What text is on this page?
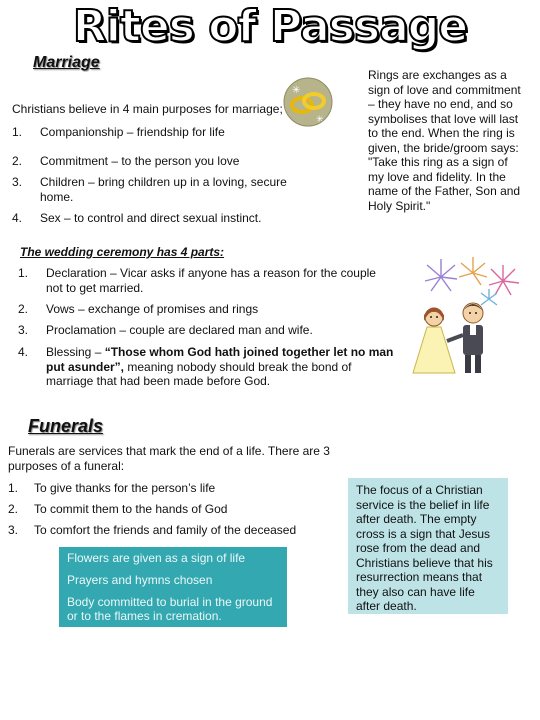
Rites of Passage
Marriage
Christians believe in 4 main purposes for marriage;
✳
✳
1. Companionship – friendship for life
2. Commitment – to the person you love
3. Children – bring children up in a loving, secure home.
4. Sex – to control and direct sexual instinct.
Rings are exchanges as a sign of love and commitment – they have no end, and so symbolises that love will last to the end. When the ring is given, the bride/groom says: "Take this ring as a sign of my love and fidelity. In the name of the Father, Son and Holy Spirit."
The wedding ceremony has 4 parts:
1. Declaration – Vicar asks if anyone has a reason for the couple not to get married.
2. Vows – exchange of promises and rings
3. Proclamation – couple are declared man and wife.
4. Blessing – “Those whom God hath joined together let no man put asunder”, meaning nobody should break the bond of marriage that had been made before God.
Funerals
Funerals are services that mark the end of a life. There are 3 purposes of a funeral:
1. To give thanks for the person’s life
2. To commit them to the hands of God
3. To comfort the friends and family of the deceased

Flowers are given as a sign of life

Prayers and hymns chosen

Body committed to burial in the ground or to the flames in cremation.

The focus of a Christian service is the belief in life after death. The empty cross is a sign that Jesus rose from the dead and Christians believe that his resurrection means that they also can have life after death.
